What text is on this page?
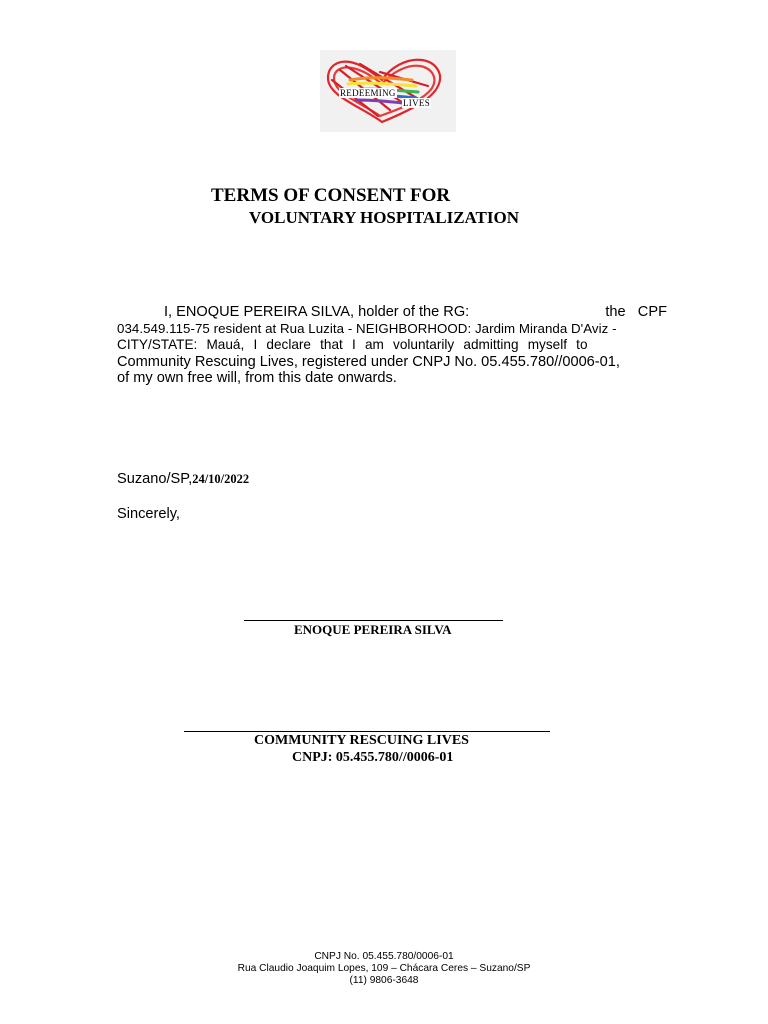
REDEEMING
LIVES
TERMS OF CONSENT FOR
VOLUNTARY HOSPITALIZATION
I, ENOQUE PEREIRA SILVA, holder of the RG:	the   CPF
034.549.115-75 resident at Rua Luzita - NEIGHBORHOOD: Jardim Miranda D'Aviz -
CITY/STATE: Mauá, I declare that I am voluntarily admitting myself to
Community Rescuing Lives, registered under CNPJ No. 05.455.780//0006-01,
of my own free will, from this date onwards.
Suzano/SP,24/10/2022
Sincerely,
ENOQUE PEREIRA SILVA
COMMUNITY RESCUING LIVES
CNPJ: 05.455.780//0006-01
CNPJ No. 05.455.780/0006-01
Rua Claudio Joaquim Lopes, 109 – Chácara Ceres – Suzano/SP
(11) 9806-3648
